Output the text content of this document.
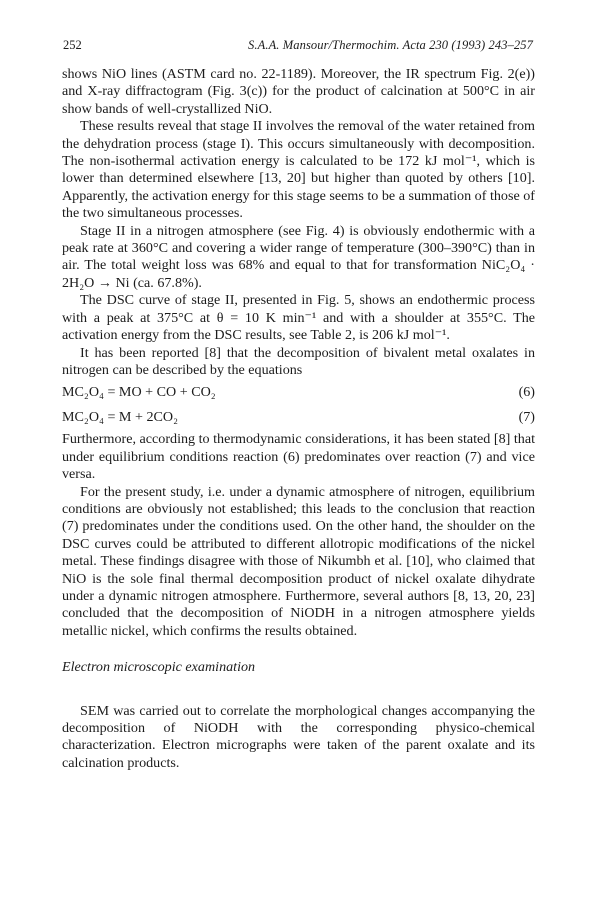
252	S.A.A. Mansour/Thermochim. Acta 230 (1993) 243–257

shows NiO lines (ASTM card no. 22-1189). Moreover, the IR spectrum Fig. 2(e)) and X-ray diffractogram (Fig. 3(c)) for the product of calcination at 500°C in air show bands of well-crystallized NiO.

These results reveal that stage II involves the removal of the water retained from the dehydration process (stage I). This occurs simultaneously with decomposition. The non-isothermal activation energy is calculated to be 172 kJ mol⁻¹, which is lower than determined elsewhere [13, 20] but higher than quoted by others [10]. Apparently, the activation energy for this stage seems to be a summation of those of the two simultaneous processes.

Stage II in a nitrogen atmosphere (see Fig. 4) is obviously endothermic with a peak rate at 360°C and covering a wider range of temperature (300–390°C) than in air. The total weight loss was 68% and equal to that for transformation NiC₂O₄ · 2H₂O → Ni (ca. 67.8%).

The DSC curve of stage II, presented in Fig. 5, shows an endothermic process with a peak at 375°C at θ = 10 K min⁻¹ and with a shoulder at 355°C. The activation energy from the DSC results, see Table 2, is 206 kJ mol⁻¹.

It has been reported [8] that the decomposition of bivalent metal oxalates in nitrogen can be described by the equations

MC₂O₄ = MO + CO + CO₂	(6)
MC₂O₄ = M + 2CO₂	(7)

Furthermore, according to thermodynamic considerations, it has been stated [8] that under equilibrium conditions reaction (6) predominates over reaction (7) and vice versa.

For the present study, i.e. under a dynamic atmosphere of nitrogen, equilibrium conditions are obviously not established; this leads to the conclusion that reaction (7) predominates under the conditions used. On the other hand, the shoulder on the DSC curves could be attributed to different allotropic modifications of the nickel metal. These findings disagree with those of Nikumbh et al. [10], who claimed that NiO is the sole final thermal decomposition product of nickel oxalate dihydrate under a dynamic nitrogen atmosphere. Furthermore, several authors [8, 13, 20, 23] concluded that the decomposition of NiODH in a nitrogen atmosphere yields metallic nickel, which confirms the results obtained.

Electron microscopic examination

SEM was carried out to correlate the morphological changes accompanying the decomposition of NiODH with the corresponding physico-chemical characterization. Electron micrographs were taken of the parent oxalate and its calcination products.
